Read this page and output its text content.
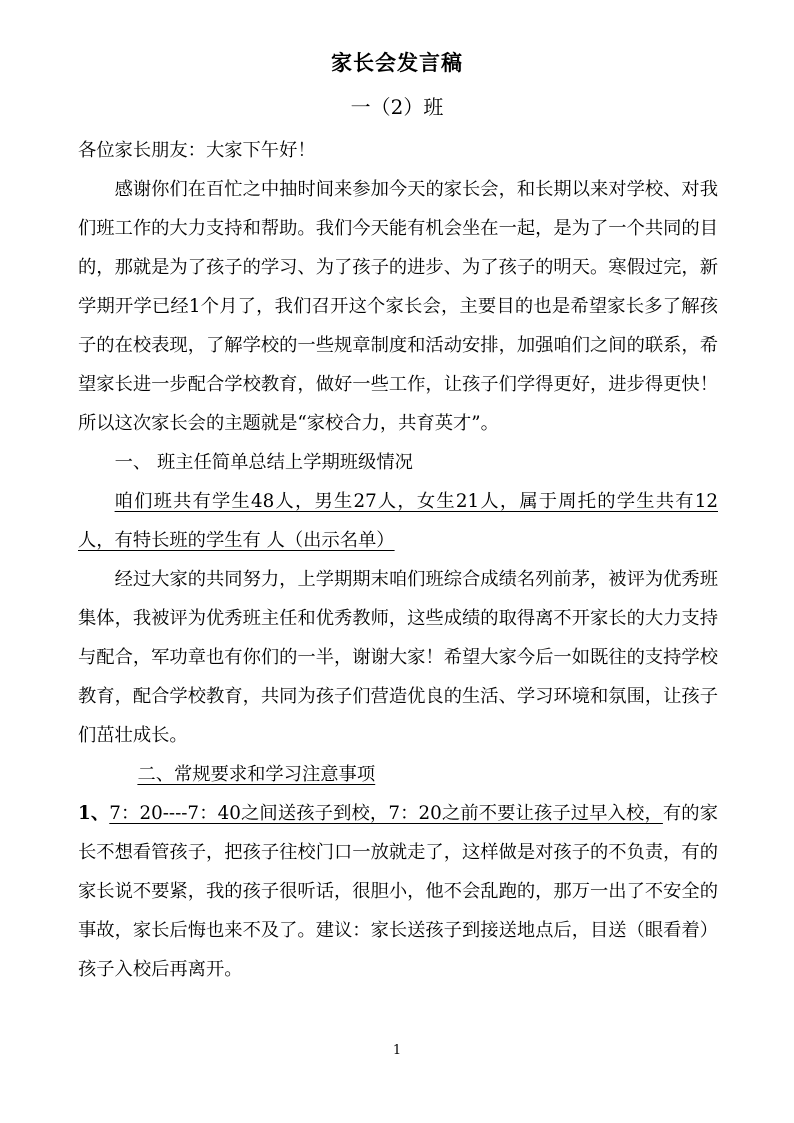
家长会发言稿
一（2）班

各位家长朋友：大家下午好！

感谢你们在百忙之中抽时间来参加今天的家长会，和长期以来对学校、对我们班工作的大力支持和帮助。我们今天能有机会坐在一起，是为了一个共同的目的，那就是为了孩子的学习、为了孩子的进步、为了孩子的明天。寒假过完，新学期开学已经1个月了，我们召开这个家长会，主要目的也是希望家长多了解孩子的在校表现，了解学校的一些规章制度和活动安排，加强咱们之间的联系，希望家长进一步配合学校教育，做好一些工作，让孩子们学得更好，进步得更快！所以这次家长会的主题就是“家校合力，共育英才”。

一、 班主任简单总结上学期班级情况

咱们班共有学生48人，男生27人，女生21人，属于周托的学生共有12人，有特长班的学生有 人（出示名单）

经过大家的共同努力，上学期期末咱们班综合成绩名列前茅，被评为优秀班集体，我被评为优秀班主任和优秀教师，这些成绩的取得离不开家长的大力支持与配合，军功章也有你们的一半，谢谢大家！希望大家今后一如既往的支持学校教育，配合学校教育，共同为孩子们营造优良的生活、学习环境和氛围，让孩子们茁壮成长。

二、常规要求和学习注意事项

1、7：20----7：40之间送孩子到校，7：20之前不要让孩子过早入校，有的家长不想看管孩子，把孩子往校门口一放就走了，这样做是对孩子的不负责，有的家长说不要紧，我的孩子很听话，很胆小，他不会乱跑的，那万一出了不安全的事故，家长后悔也来不及了。建议：家长送孩子到接送地点后，目送（眼看着）孩子入校后再离开。

1
